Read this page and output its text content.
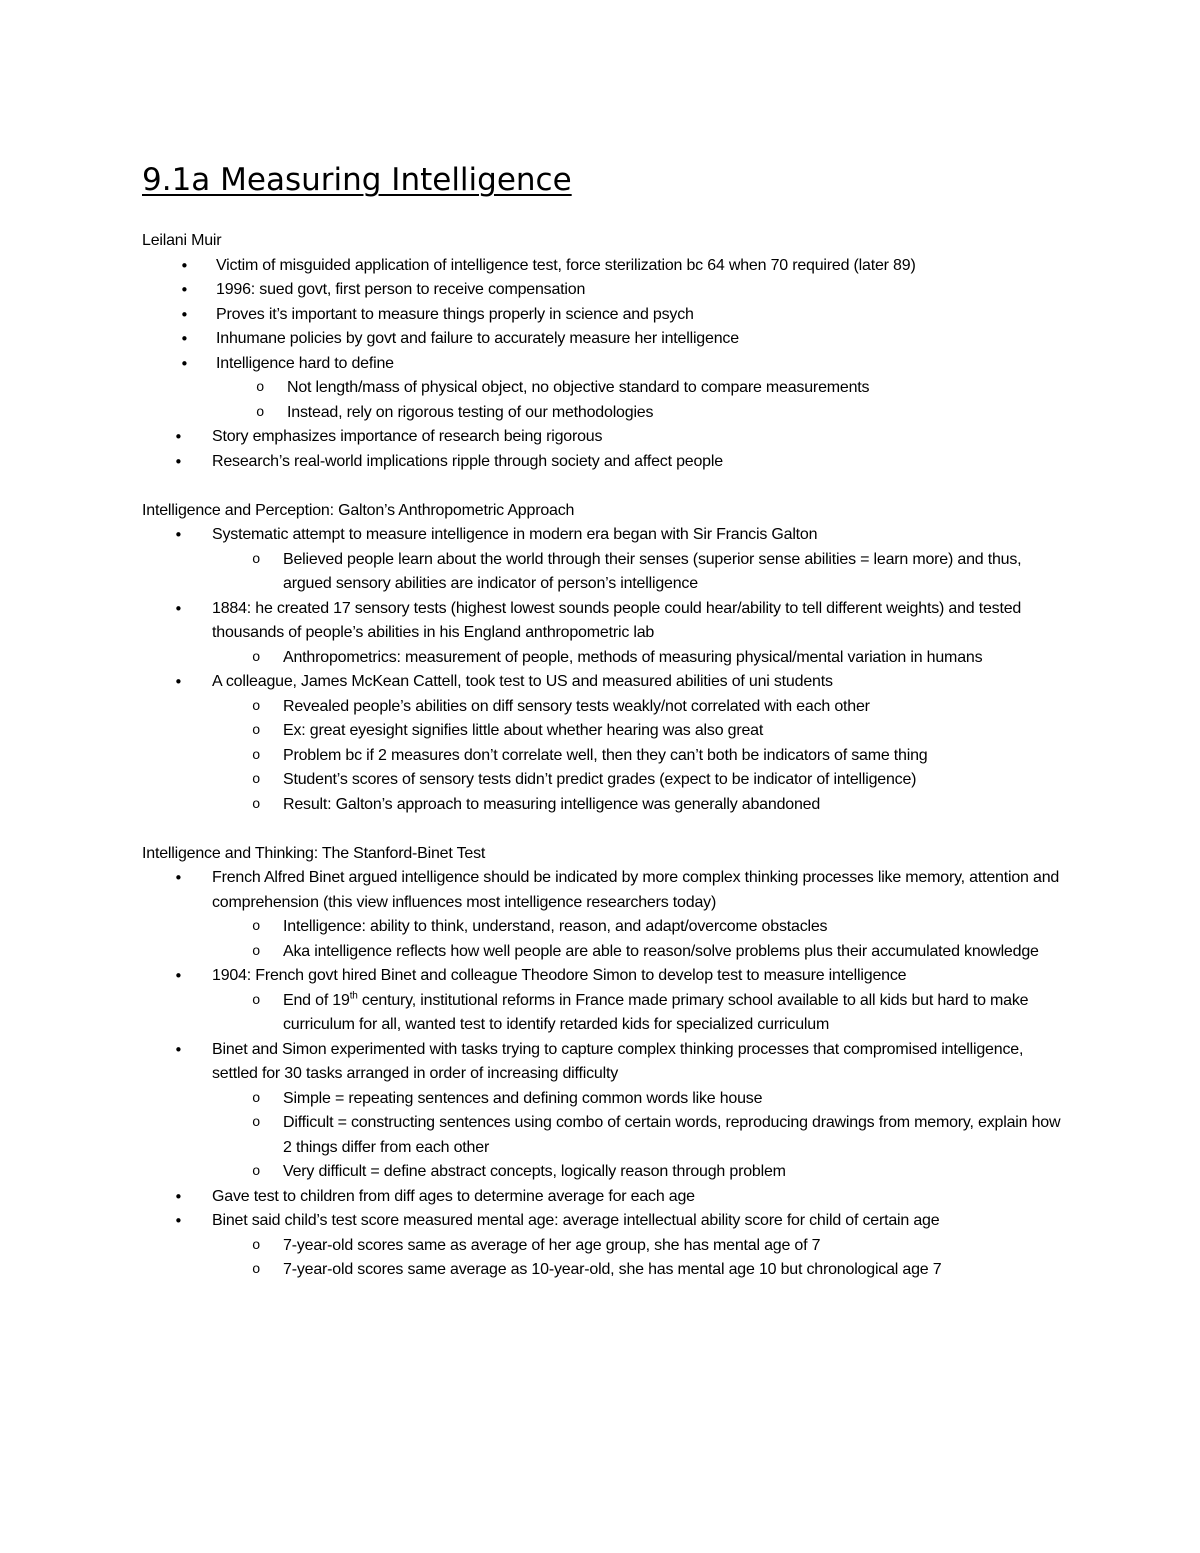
9.1a Measuring Intelligence
Leilani Muir
• Victim of misguided application of intelligence test, force sterilization bc 64 when 70 required (later 89)
• 1996: sued govt, first person to receive compensation
• Proves it’s important to measure things properly in science and psych
• Inhumane policies by govt and failure to accurately measure her intelligence
• Intelligence hard to define
o Not length/mass of physical object, no objective standard to compare measurements
o Instead, rely on rigorous testing of our methodologies
• Story emphasizes importance of research being rigorous
• Research’s real-world implications ripple through society and affect people
Intelligence and Perception: Galton’s Anthropometric Approach
• Systematic attempt to measure intelligence in modern era began with Sir Francis Galton
o Believed people learn about the world through their senses (superior sense abilities = learn more) and thus, argued sensory abilities are indicator of person’s intelligence
• 1884: he created 17 sensory tests (highest lowest sounds people could hear/ability to tell different weights) and tested thousands of people’s abilities in his England anthropometric lab
o Anthropometrics: measurement of people, methods of measuring physical/mental variation in humans
• A colleague, James McKean Cattell, took test to US and measured abilities of uni students
o Revealed people’s abilities on diff sensory tests weakly/not correlated with each other
o Ex: great eyesight signifies little about whether hearing was also great
o Problem bc if 2 measures don’t correlate well, then they can’t both be indicators of same thing
o Student’s scores of sensory tests didn’t predict grades (expect to be indicator of intelligence)
o Result: Galton’s approach to measuring intelligence was generally abandoned
Intelligence and Thinking: The Stanford-Binet Test
• French Alfred Binet argued intelligence should be indicated by more complex thinking processes like memory, attention and comprehension (this view influences most intelligence researchers today)
o Intelligence: ability to think, understand, reason, and adapt/overcome obstacles
o Aka intelligence reflects how well people are able to reason/solve problems plus their accumulated knowledge
• 1904: French govt hired Binet and colleague Theodore Simon to develop test to measure intelligence
o End of 19th century, institutional reforms in France made primary school available to all kids but hard to make curriculum for all, wanted test to identify retarded kids for specialized curriculum
• Binet and Simon experimented with tasks trying to capture complex thinking processes that compromised intelligence, settled for 30 tasks arranged in order of increasing difficulty
o Simple = repeating sentences and defining common words like house
o Difficult = constructing sentences using combo of certain words, reproducing drawings from memory, explain how 2 things differ from each other
o Very difficult = define abstract concepts, logically reason through problem
• Gave test to children from diff ages to determine average for each age
• Binet said child’s test score measured mental age: average intellectual ability score for child of certain age
o 7-year-old scores same as average of her age group, she has mental age of 7
o 7-year-old scores same average as 10-year-old, she has mental age 10 but chronological age 7
